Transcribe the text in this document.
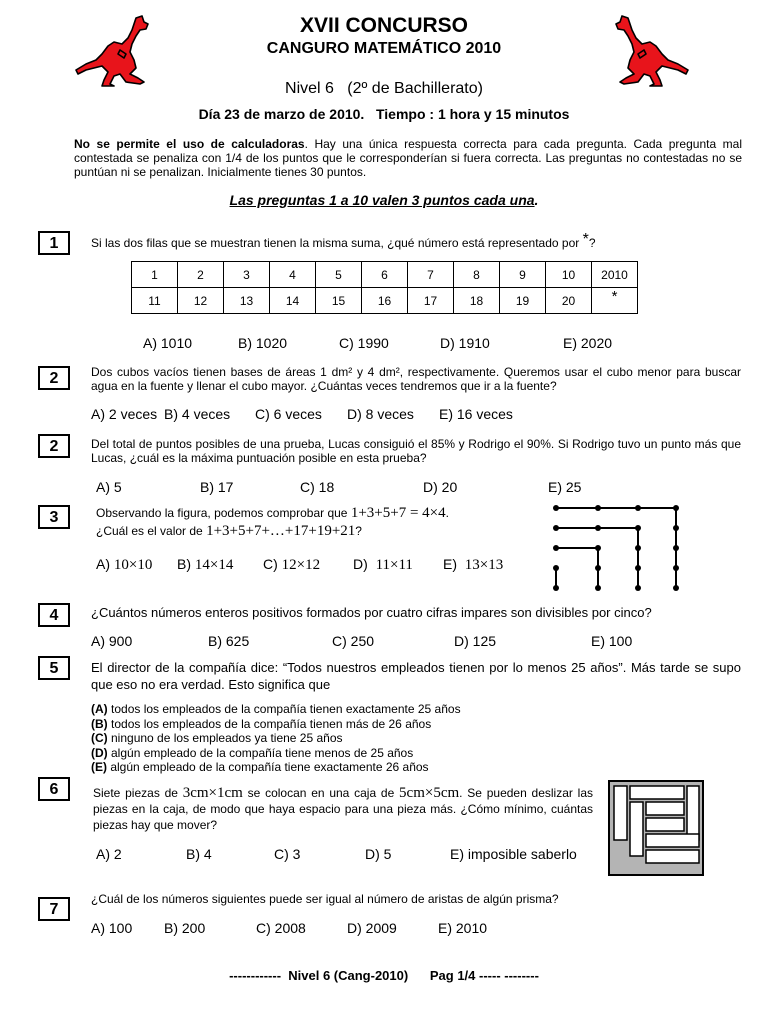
XVII CONCURSO
CANGURO MATEMÁTICO 2010
Nivel 6   (2º de Bachillerato)
Día 23 de marzo de 2010.   Tiempo : 1 hora y 15 minutos
No se permite el uso de calculadoras. Hay una única respuesta correcta para cada pregunta. Cada pregunta mal contestada se penaliza con 1/4 de los puntos que le corresponderían si fuera correcta. Las preguntas no contestadas no se puntúan ni se penalizan. Inicialmente tienes 30 puntos.
Las preguntas 1 a 10 valen 3 puntos cada una.
1	Si las dos filas que se muestran tienen la misma suma, ¿qué número está representado por *?
1	2	3	4	5	6	7	8	9	10	2010
11	12	13	14	15	16	17	18	19	20	*
A) 1010	B) 1020	C) 1990	D) 1910	E) 2020
2	Dos cubos vacíos tienen bases de áreas 1 dm² y 4 dm², respectivamente. Queremos usar el cubo menor para buscar agua en la fuente y llenar el cubo mayor. ¿Cuántas veces tendremos que ir a la fuente?
A) 2 veces B) 4 veces C) 6 veces D) 8 veces E) 16 veces
2	Del total de puntos posibles de una prueba, Lucas consiguió el 85% y Rodrigo el 90%. Si Rodrigo tuvo un punto más que Lucas, ¿cuál es la máxima puntuación posible en esta prueba?
A) 5	B) 17	C) 18	D) 20	E) 25
3	Observando la figura, podemos comprobar que 1+3+5+7 = 4×4.
¿Cuál es el valor de 1+3+5+7+…+17+19+21?
A) 10×10 B) 14×14 C) 12×12 D) 11×11 E) 13×13
4	¿Cuántos números enteros positivos formados por cuatro cifras impares son divisibles por cinco?
A) 900	B) 625	C) 250	D) 125	E) 100
5	El director de la compañía dice: “Todos nuestros empleados tienen por lo menos 25 años”. Más tarde se supo que eso no era verdad. Esto significa que
(A) todos los empleados de la compañía tienen exactamente 25 años
(B) todos los empleados de la compañía tienen más de 26 años
(C) ninguno de los empleados ya tiene 25 años
(D) algún empleado de la compañía tiene menos de 25 años
(E) algún empleado de la compañía tiene exactamente 26 años
6	Siete piezas de 3cm×1cm se colocan en una caja de 5cm×5cm. Se pueden deslizar las piezas en la caja, de modo que haya espacio para una pieza más. ¿Cómo mínimo, cuántas piezas hay que mover?
A) 2	B) 4	C) 3	D) 5	E) imposible saberlo
7
¿Cuál de los números siguientes puede ser igual al número de aristas de algún prisma?
A) 100 B) 200	C) 2008	D) 2009	E) 2010
------------  Nivel 6 (Cang-2010)      Pag 1/4 ----- --------
